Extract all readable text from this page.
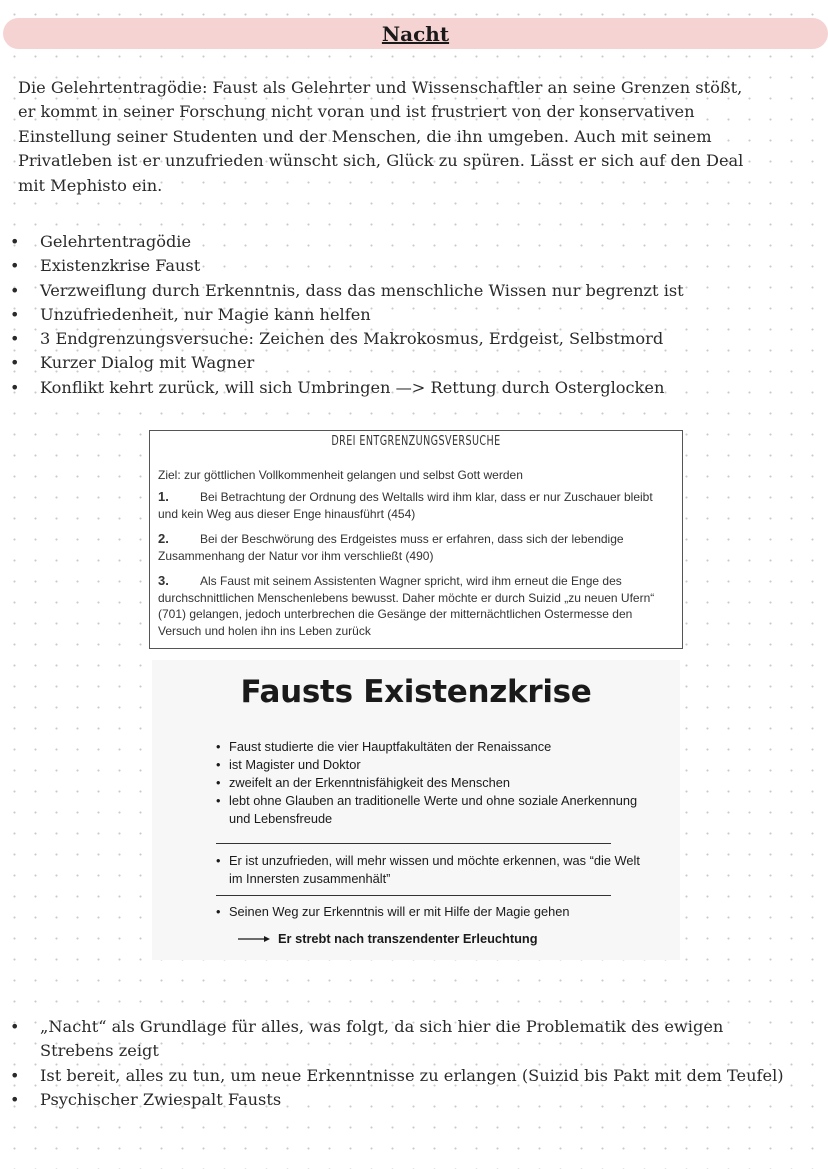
Nacht

Die Gelehrtentragödie: Faust als Gelehrter und Wissenschaftler an seine Grenzen stößt, er kommt in seiner Forschung nicht voran und ist frustriert von der konservativen Einstellung seiner Studenten und der Menschen, die ihn umgeben. Auch mit seinem Privatleben ist er unzufrieden wünscht sich, Glück zu spüren. Lässt er sich auf den Deal mit Mephisto ein.

• Gelehrtentragödie
• Existenzkrise Faust
• Verzweiflung durch Erkenntnis, dass das menschliche Wissen nur begrenzt ist
• Unzufriedenheit, nur Magie kann helfen
• 3 Endgrenzungsversuche: Zeichen des Makrokosmus, Erdgeist, Selbstmord
• Kurzer Dialog mit Wagner
• Konflikt kehrt zurück, will sich Umbringen —> Rettung durch Osterglocken
DREI ENTGRENZUNGSVERSUCHE
Ziel: zur göttlichen Vollkommenheit gelangen und selbst Gott werden
1.	Bei Betrachtung der Ordnung des Weltalls wird ihm klar, dass er nur Zuschauer bleibt und kein Weg aus dieser Enge hinausführt (454)
2.	Bei der Beschwörung des Erdgeistes muss er erfahren, dass sich der lebendige Zusammenhang der Natur vor ihm verschließt (490)
3.	Als Faust mit seinem Assistenten Wagner spricht, wird ihm erneut die Enge des durchschnittlichen Menschenlebens bewusst. Daher möchte er durch Suizid „zu neuen Ufern“ (701) gelangen, jedoch unterbrechen die Gesänge der mitternächtlichen Ostermesse den Versuch und holen ihn ins Leben zurück
Fausts Existenzkrise
• Faust studierte die vier Hauptfakultäten der Renaissance
• ist Magister und Doktor
• zweifelt an der Erkenntnisfähigkeit des Menschen
• lebt ohne Glauben an traditionelle Werte und ohne soziale Anerkennung und Lebensfreude
• Er ist unzufrieden, will mehr wissen und möchte erkennen, was “die Welt im Innersten zusammenhält”
• Seinen Weg zur Erkenntnis will er mit Hilfe der Magie gehen
Er strebt nach transzendenter Erleuchtung
• „Nacht“ als Grundlage für alles, was folgt, da sich hier die Problematik des ewigen Strebens zeigt
• Ist bereit, alles zu tun, um neue Erkenntnisse zu erlangen (Suizid bis Pakt mit dem Teufel)
• Psychischer Zwiespalt Fausts
